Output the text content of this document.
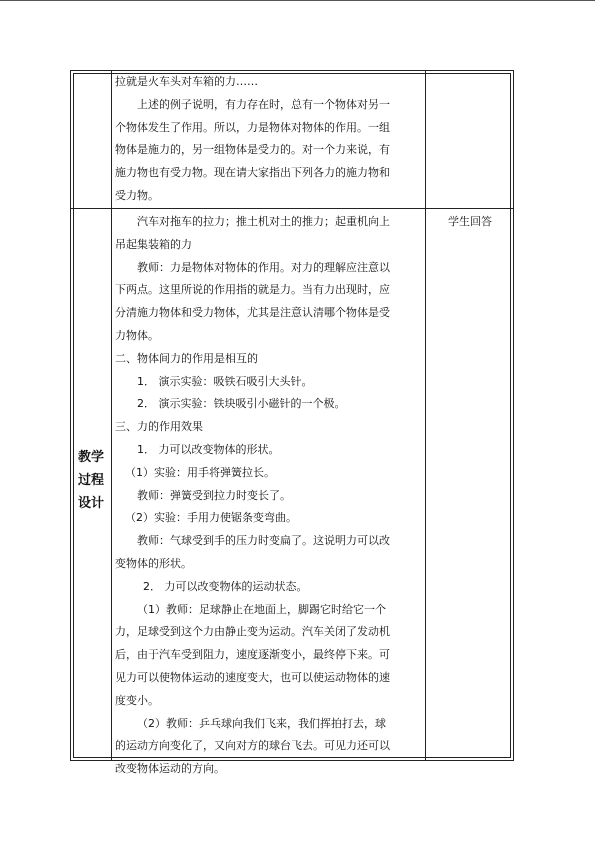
拉就是火车头对车箱的力……
上述的例子说明，有力存在时，总有一个物体对另一
个物体发生了作用。所以，力是物体对物体的作用。一组
物体是施力的，另一组物体是受力的。对一个力来说，有
施力物也有受力物。现在请大家指出下列各力的施力物和
受力物。
汽车对拖车的拉力；推土机对土的推力；起重机向上
吊起集装箱的力
教师：力是物体对物体的作用。对力的理解应注意以
下两点。这里所说的作用指的就是力。当有力出现时，应
分清施力物体和受力物体，尤其是注意认清哪个物体是受
力物体。
二、物体间力的作用是相互的
1． 演示实验：吸铁石吸引大头针。
2． 演示实验：铁块吸引小磁针的一个极。
三、力的作用效果
1． 力可以改变物体的形状。
（1）实验：用手将弹簧拉长。
教师：弹簧受到拉力时变长了。
（2）实验：手用力使锯条变弯曲。
教师：气球受到手的压力时变扁了。这说明力可以改
变物体的形状。
2． 力可以改变物体的运动状态。
（1）教师：足球静止在地面上，脚踢它时给它一个
力，足球受到这个力由静止变为运动。汽车关闭了发动机
后，由于汽车受到阻力，速度逐渐变小，最终停下来。可
见力可以使物体运动的速度变大，也可以使运动物体的速
度变小。
（2）教师：乒乓球向我们飞来，我们挥拍打去，球
的运动方向变化了，又向对方的球台飞去。可见力还可以
改变物体运动的方向。
教学
过程
设计
学生回答
